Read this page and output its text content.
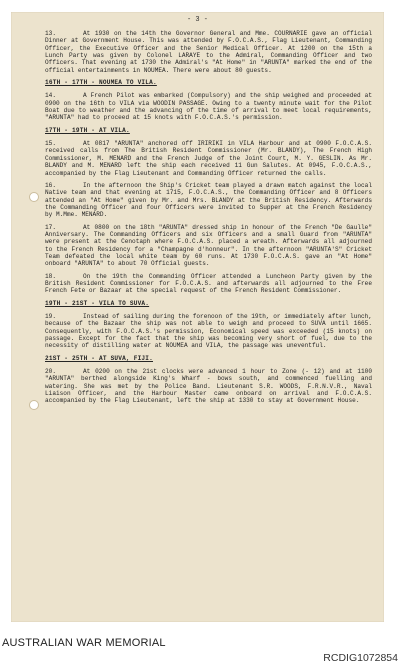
- 3 -

13.	At 1930 on the 14th the Governor General and Mme. COURNARIE gave an official Dinner at Government House. This was attended by F.O.C.A.S., Flag Lieutenant, Commanding Officer, the Executive Officer and the Senior Medical Officer. At 1200 on the 15th a Lunch Party was given by Colonel LARAYE to the Admiral, Commanding Officer and two Officers. That evening at 1730 the Admiral's "At Home" in "ARUNTA" marked the end of the official entertainments in NOUMEA. There were about 80 guests.

16TH - 17TH - NOUMEA TO VILA.

14.	A French Pilot was embarked (Compulsory) and the ship weighed and proceeded at 0900 on the 16th to VILA via WOODIN PASSAGE. Owing to a twenty minute wait for the Pilot Boat due to weather and the advancing of the time of arrival to meet local requirements, "ARUNTA" had to proceed at 15 knots with F.O.C.A.S.'s permission.

17TH - 19TH - AT VILA.

15.	At 0817 "ARUNTA" anchored off IRIRIKI in VILA Harbour and at 0900 F.O.C.A.S. received calls from The British Resident Commissioner (Mr. BLANDY), The French High Commissioner, M. MENARD and the French Judge of the Joint Court, M. Y. GESLIN. As Mr. BLANDY and M. MENARD left the ship each received 11 Gun Salutes. At 0945, F.O.C.A.S., accompanied by the Flag Lieutenant and Commanding Officer returned the calls.

16.	In the afternoon the Ship's Cricket team played a drawn match against the local Native team and that evening at 1715, F.O.C.A.S., the Commanding Officer and 8 Officers attended an "At Home" given by Mr. and Mrs. BLANDY at the British Residency. Afterwards the Commanding Officer and four Officers were invited to Supper at the French Residency by M.Mme. MENARD.

17.	At 0800 on the 18th "ARUNTA" dressed ship in honour of the French "De Gaulle" Anniversary. The Commanding Officers and six Officers and a small Guard from "ARUNTA" were present at the Cenotaph where F.O.C.A.S. placed a wreath. Afterwards all adjourned to the French Residency for a "Champagne d'honneur". In the afternoon "ARUNTA'S" Cricket Team defeated the local white team by 60 runs. At 1730 F.O.C.A.S. gave an "At Home" onboard "ARUNTA" to about 70 Official guests.

18.	On the 19th the Commanding Officer attended a Luncheon Party given by the British Resident Commissioner for F.O.C.A.S. and afterwards all adjourned to the Free French Fete or Bazaar at the special request of the French Resident Commissioner.

19TH - 21ST - VILA TO SUVA.

19.	Instead of sailing during the forenoon of the 19th, or immediately after lunch, because of the Bazaar the ship was not able to weigh and proceed to SUVA until 1665. Consequently, with F.O.C.A.S.'s permission, Economical speed was exceeded (15 knots) on passage. Except for the fact that the ship was becoming very short of fuel, due to the necessity of distilling water at NOUMEA and VILA, the passage was uneventful.

21ST - 25TH - AT SUVA, FIJI.

20.	At 0200 on the 21st clocks were advanced 1 hour to Zone (- 12) and at 1100 "ARUNTA" berthed alongside King's Wharf - bows south, and commenced fuelling and watering. She was met by the Police Band. Lieutenant S.R. WOODS, F.R.N.V.R., Naval Liaison Officer, and the Harbour Master came onboard on arrival and F.O.C.A.S. accompanied by the Flag Lieutenant, left the ship at 1330 to stay at Government House.

AUSTRALIAN WAR MEMORIAL
RCDIG1072854
